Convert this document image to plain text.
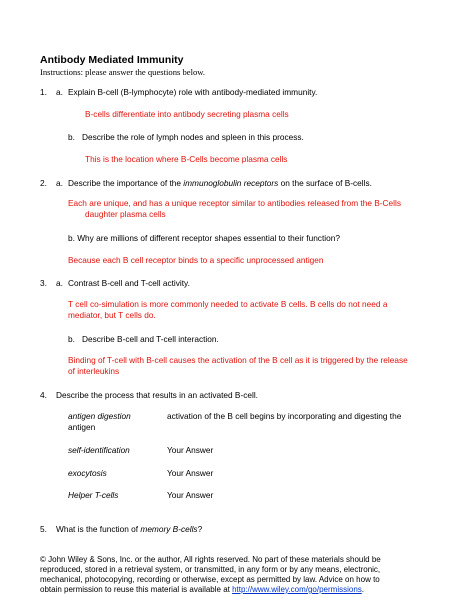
Antibody Mediated Immunity
Instructions: please answer the questions below.
1. a. Explain B-cell (B-lymphocyte) role with antibody-mediated immunity.
B-cells differentiate into antibody secreting plasma cells
b. Describe the role of lymph nodes and spleen in this process.
This is the location where B-Cells become plasma cells
2. a. Describe the importance of the immunoglobulin receptors on the surface of B-cells.
Each are unique, and has a unique receptor similar to antibodies released from the B-Cells
daughter plasma cells
b. Why are millions of different receptor shapes essential to their function?
Because each B cell receptor binds to a specific unprocessed antigen
3. a. Contrast B-cell and T-cell activity.
T cell co-simulation is more commonly needed to activate B cells. B cells do not need a
mediator, but T cells do.
b. Describe B-cell and T-cell interaction.
Binding of T-cell with B-cell causes the activation of the B cell as it is triggered by the release
of interleukins
4. Describe the process that results in an activated B-cell.
antigen digestion	activation of the B cell begins by incorporating and digesting the
antigen
self-identification	Your Answer
exocytosis	Your Answer
Helper T-cells	Your Answer
5. What is the function of memory B-cells?
© John Wiley & Sons, Inc. or the author, All rights reserved. No part of these materials should be
reproduced, stored in a retrieval system, or transmitted, in any form or by any means, electronic,
mechanical, photocopying, recording or otherwise, except as permitted by law. Advice on how to
obtain permission to reuse this material is available at http://www.wiley.com/go/permissions.
